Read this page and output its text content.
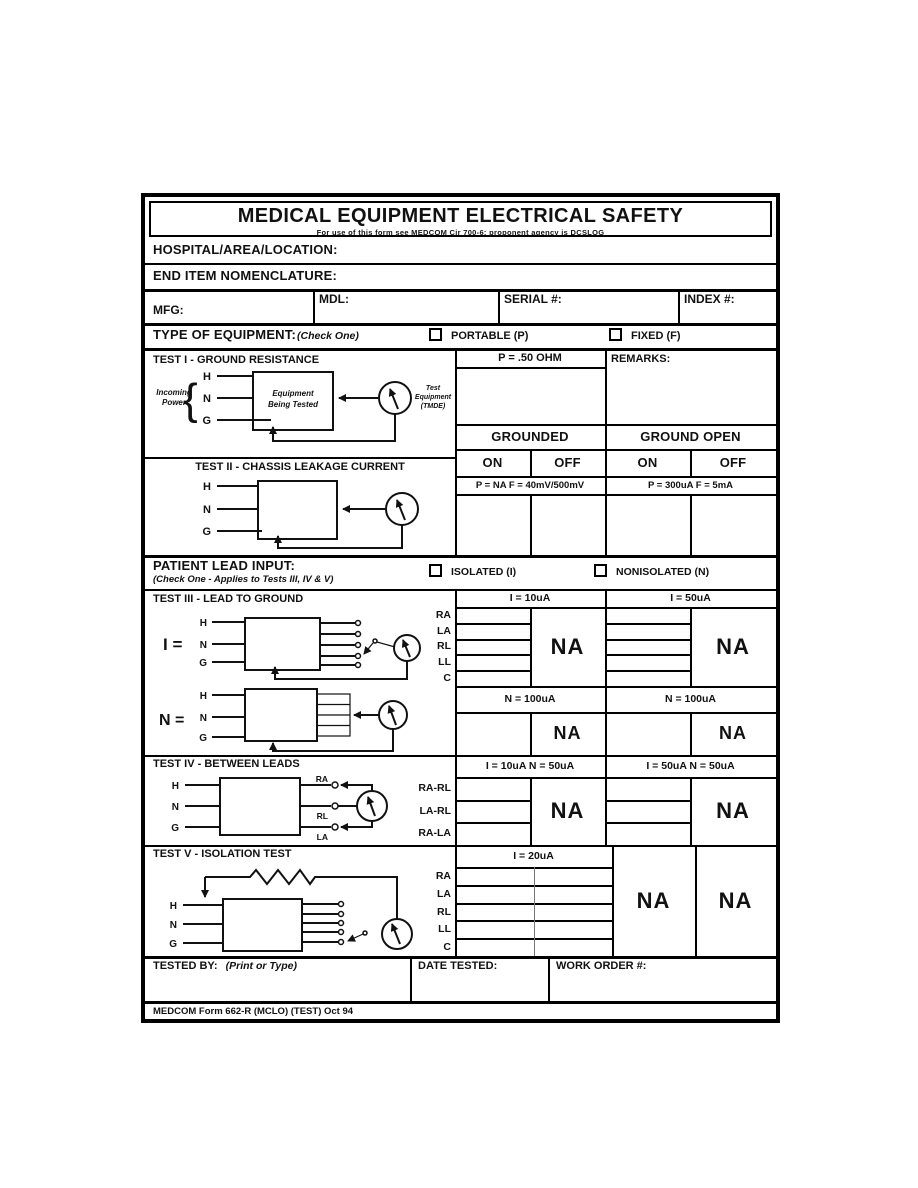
MEDICAL EQUIPMENT ELECTRICAL SAFETY
For use of this form see MEDCOM Cir 700-6; proponent agency is DCSLOG
HOSPITAL/AREA/LOCATION:
END ITEM NOMENCLATURE:
MFG:
MDL:	SERIAL #:	INDEX #:
TYPE OF EQUIPMENT: (Check One)	PORTABLE (P)	FIXED (F)
TEST I - GROUND RESISTANCE
Incoming
Power
{ H
N
G
Equipment
Being Tested
Test
Equipment
(TMDE)
TEST II - CHASSIS LEAKAGE CURRENT
H
N
G
P = .50 OHM	REMARKS:
GROUNDED	GROUND OPEN
ON	OFF	ON	OFF
P = NA F = 40mV/500mV	P = 300uA F = 5mA
PATIENT LEAD INPUT:
(Check One - Applies to Tests III, IV & V)
ISOLATED (I)	NONISOLATED (N)
TEST III - LEAD TO GROUND
I =
H
N
G
N =
H
N
G
RA
LA
RL
LL
C
I = 10uA	I = 50uA
NA	NA
N = 100uA	N = 100uA
NA	NA
TEST IV - BETWEEN LEADS
H
N
G
RA
RL
LA
RA-RL
LA-RL
RA-LA
I = 10uA N = 50uA	I = 50uA N = 50uA
NA	NA
TEST V - ISOLATION TEST
H
N
G
RA
LA
RL
LL
C
I = 20uA
NA	NA
TESTED BY: (Print or Type)	DATE TESTED:	WORK ORDER #:
MEDCOM Form 662-R (MCLO) (TEST) Oct 94
